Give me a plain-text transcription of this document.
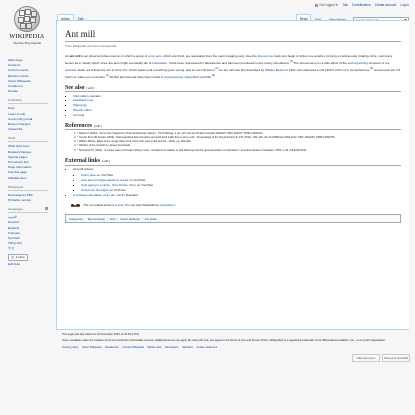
Not logged in Talk Contributions Create account Log in
WIKIPEDIA
The Free Encyclopedia
Main page
Contents
Current events
Random article
About Wikipedia
Contact us
Donate
Contribute
Help
Learn to edit
Community portal
Recent changes
Upload file
Tools
What links here
Related changes
Special pages
Permanent link
Page information
Cite this page
Wikidata item
Print/export
Download as PDF
Printable version
Languages
العربية
Deutsch
Español
Français
Русский
Tiếng Việt
中文
文 4 more
Edit links
Article	Talk	Read
Search Wikipedia
Ant mill
From Wikipedia, the free encyclopedia

An ant mill is an observed phenomenon in which a group of army ants, which are blind, are separated from the main foraging party, lose the pheromone track and begin to follow one another, forming a continuously rotating circle, commonly known as a "death spiral" since the ants might eventually die of exhaustion. It has been reproduced in laboratories and has been produced in ant colony simulations.[1] The phenomenon is a side effect of the self-organizing structure of ant colonies. Each ant follows the ant in front of it, which works until something goes wrong, and an ant mill forms.[2] An ant mill was first described by William Beebe in 1921 who observed a mill 1200 ft (370 m) in circumference.[3] It took each ant 2.5 hours to make one revolution.[4] Similar phenomena have been noted in processionary caterpillars and fish.[5]

See also [ edit ]
▪ Information cascade
▪ Feedback loop
▪ Stigmergy
▪ Woozle effect
▪ Ant king
References [ edit ]
1. ^ Delsuc F (2003). "Army Ants Trapped by Their Evolutionary History". PLoS Biology. 1 (2): e37. doi:10.1371/journal.pbio.0000037. PMC 261877. PMID 14624241.
2. ^ Couzin ID & NR Franks (2003). "Self-organized lane formation and optimized traffic flow in army ants". Proceedings of the Royal Society B. 270 (1511): 139–146. doi:10.1098/rspb.2002.2210. PMC 1691225. PMID 12590751.
3. ^ William Beebe, Edge of the Jungle (New York, New York: Henry Holt and Co., 1921), pp. 291-294.
4. ^ Wisdom of the Crowds by James Surowiecki
5. ^ Schneirla TC (1944). "A unique case of circular milling in ants, considered in relation to trail following and the general problem of orientation". American Museum Novitates. 1253: 1–26. hdl:2246/3733.
External links [ edit ]
▪ Ant mill videos:
▪ Crazy ants on YouTube
▪ ants ants formigas dando la vuelta on YouTube
▪ Ants going in a circle : Sam Pedro, Peru on YouTube
▪ Circulo de hormigas on YouTube
▪ A software simulation of an ant mill (in Russian)
This ant-related article is a stub. You can help Wikipedia by expanding it.
Categories : Myrmecology | Ants | Insect behavior | Ant stubs

This page was last edited on 10 December 2020, at 23:49 (UTC).

Text is available under the Creative Commons Attribution-ShareAlike License; additional terms may apply. By using this site, you agree to the Terms of Use and Privacy Policy. Wikipedia® is a registered trademark of the Wikimedia Foundation, Inc., a non-profit organization.

Privacy policy About Wikipedia Disclaimers Contact Wikipedia Mobile view Developers Statistics Cookie statement
Wikimedia project	Powered by MediaWiki
